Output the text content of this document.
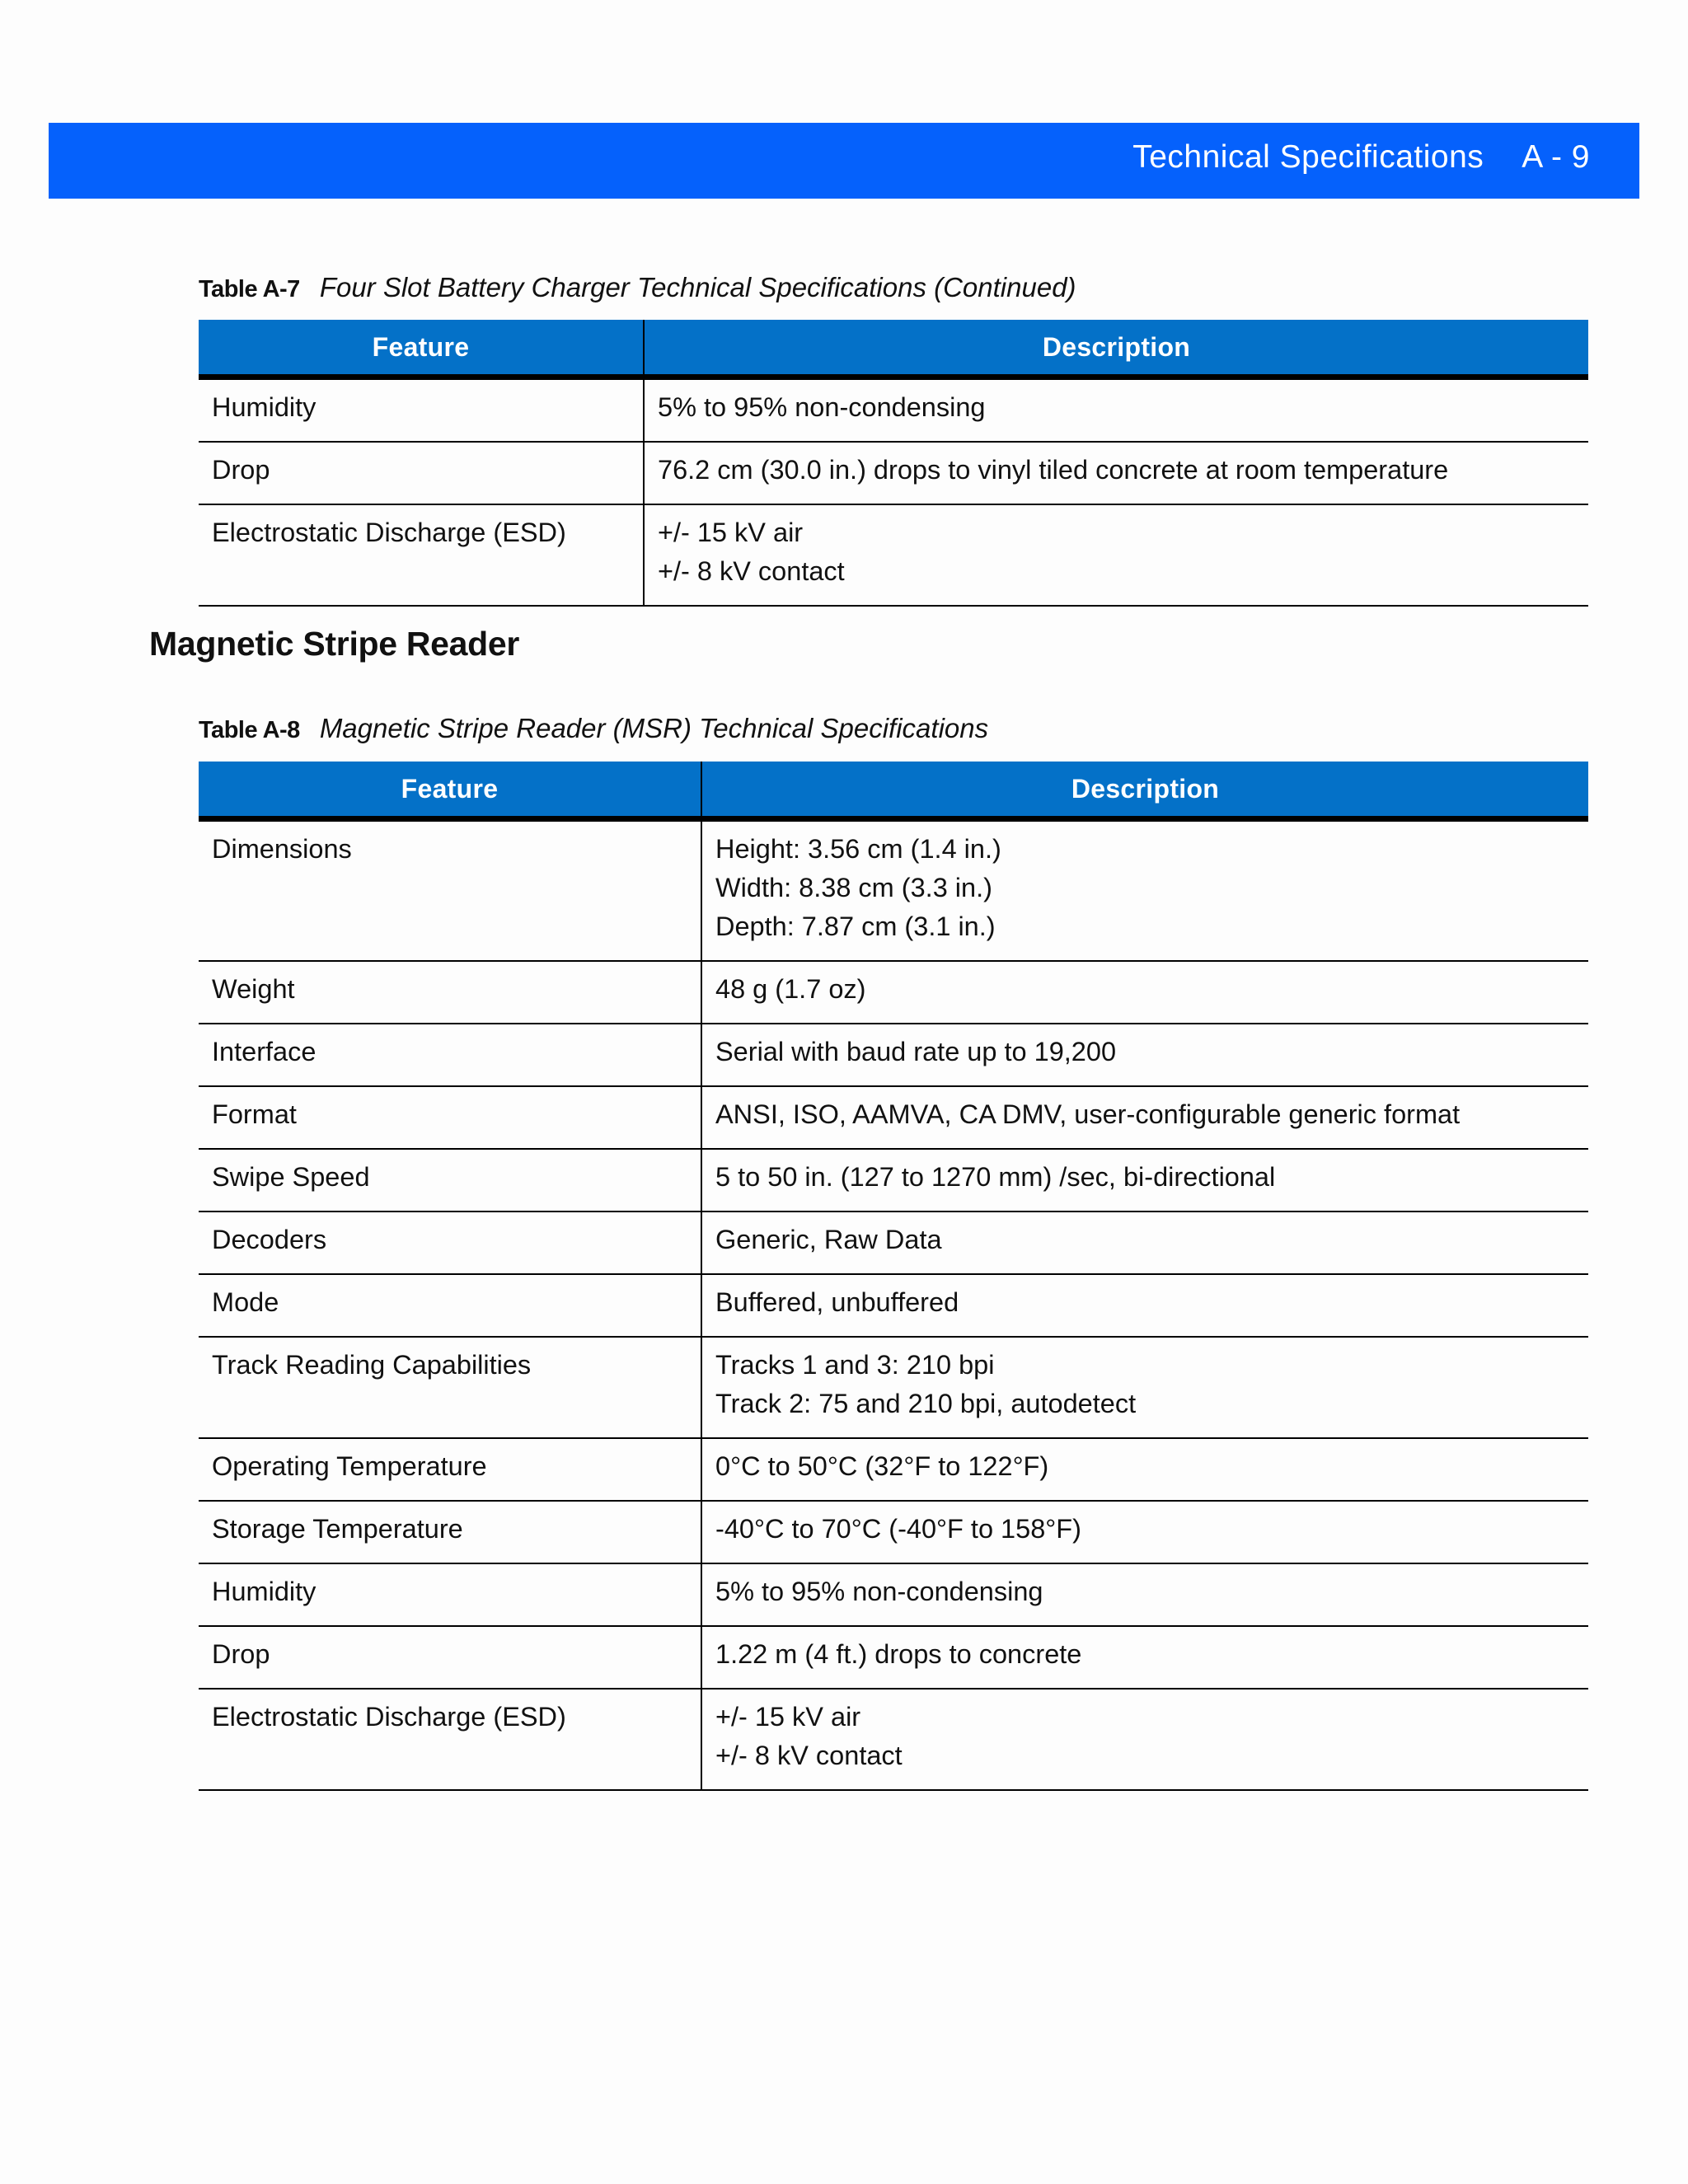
Technical Specifications A - 9
Table A-7 Four Slot Battery Charger Technical Specifications (Continued)
Feature	Description
Humidity	5% to 95% non-condensing

Drop	76.2 cm (30.0 in.) drops to vinyl tiled concrete at room temperature

Electrostatic Discharge (ESD)	+/- 15 kV air
+/- 8 kV contact
Magnetic Stripe Reader
Table A-8 Magnetic Stripe Reader (MSR) Technical Specifications
Feature	Description
Dimensions	Height: 3.56 cm (1.4 in.)
Width: 8.38 cm (3.3 in.)
Depth: 7.87 cm (3.1 in.)

Weight	48 g (1.7 oz)

Interface	Serial with baud rate up to 19,200

Format	ANSI, ISO, AAMVA, CA DMV, user-configurable generic format

Swipe Speed	5 to 50 in. (127 to 1270 mm) /sec, bi-directional

Decoders	Generic, Raw Data

Mode	Buffered, unbuffered

Track Reading Capabilities	Tracks 1 and 3: 210 bpi
Track 2: 75 and 210 bpi, autodetect

Operating Temperature	0°C to 50°C (32°F to 122°F)

Storage Temperature	-40°C to 70°C (-40°F to 158°F)

Humidity	5% to 95% non-condensing

Drop	1.22 m (4 ft.) drops to concrete

Electrostatic Discharge (ESD)	+/- 15 kV air
+/- 8 kV contact
